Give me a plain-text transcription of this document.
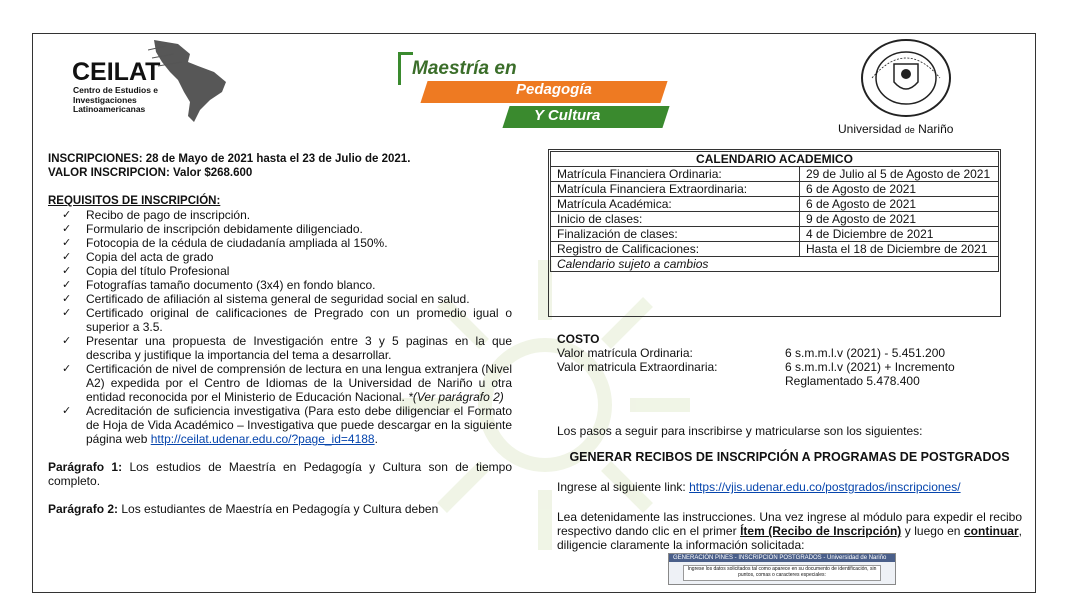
CEILAT
Centro de Estudios e Investigaciones Latinoamericanas
Maestría en
Pedagogía
Y Cultura
Universidad de Nariño
INSCRIPCIONES: 28 de Mayo de 2021 hasta el 23 de Julio de 2021.
VALOR INSCRIPCION: Valor $268.600
REQUISITOS DE INSCRIPCIÓN:
✓ Recibo de pago de inscripción.
✓ Formulario de inscripción debidamente diligenciado.
✓ Fotocopia de la cédula de ciudadanía ampliada al 150%.
✓ Copia del acta de grado
✓ Copia del título Profesional
✓ Fotografías tamaño documento (3x4) en fondo blanco.
✓ Certificado de afiliación al sistema general de seguridad social en salud.
✓ Certificado original de calificaciones de Pregrado con un promedio igual o superior a 3.5.
✓ Presentar una propuesta de Investigación entre 3 y 5 paginas en la que describa y justifique la importancia del tema a desarrollar.
✓ Certificación de nivel de comprensión de lectura en una lengua extranjera (Nivel A2) expedida por el Centro de Idiomas de la Universidad de Nariño u otra entidad reconocida por el Ministerio de Educación Nacional. *(Ver parágrafo 2)
✓ Acreditación de suficiencia investigativa (Para esto debe diligenciar el Formato de Hoja de Vida Académico – Investigativa que puede descargar en la siguiente página web http://ceilat.udenar.edu.co/?page_id=4188.
Parágrafo 1: Los estudios de Maestría en Pedagogía y Cultura son de tiempo completo.
Parágrafo 2: Los estudiantes de Maestría en Pedagogía y Cultura deben
CALENDARIO ACADEMICO	
Matrícula Financiera Ordinaria:	29 de Julio al 5 de Agosto de 2021
Matrícula Financiera Extraordinaria:	6 de Agosto de 2021
Matrícula Académica:	6 de Agosto de 2021
Inicio de clases:	9 de Agosto de 2021
Finalización de clases:	4 de Diciembre de 2021
Registro de Calificaciones:	Hasta el 18 de Diciembre de 2021
Calendario sujeto a cambios	
COSTO
Valor matrícula Ordinaria:	6 s.m.m.l.v (2021) - 5.451.200
Valor matricula Extraordinaria:	6 s.m.m.l.v (2021) + Incremento
Reglamentado 5.478.400
Los pasos a seguir para inscribirse y matricularse son los siguientes:
GENERAR RECIBOS DE INSCRIPCIÓN A PROGRAMAS DE POSTGRADOS
Ingrese al siguiente link: https://vjis.udenar.edu.co/postgrados/inscripciones/
Lea detenidamente las instrucciones. Una vez ingrese al módulo para expedir el recibo respectivo dando clic en el primer Ítem (Recibo de Inscripción) y luego en continuar, diligencie claramente la información solicitada:
GENERACIÓN PINES - INSCRIPCIÓN POSTGRADOS - Universidad de Nariño
Ingrese los datos solicitados tal como aparece en su documento de identificación, sin puntos, comas o caracteres especiales:
